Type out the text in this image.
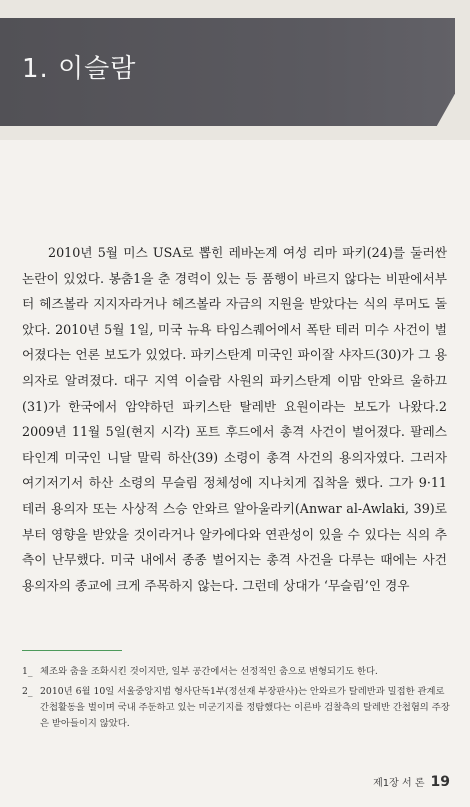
1. 이슬람

2010년 5월 미스 USA로 뽑힌 레바논계 여성 리마 파키(24)를 둘러싼 논란이 있었다. 봉춤1을 춘 경력이 있는 등 품행이 바르지 않다는 비판에서부터 헤즈볼라 지지자라거나 헤즈볼라 자금의 지원을 받았다는 식의 루머도 돌았다. 2010년 5월 1일, 미국 뉴욕 타임스퀘어에서 폭탄 테러 미수 사건이 벌어졌다는 언론 보도가 있었다. 파키스탄계 미국인 파이잘 샤자드(30)가 그 용의자로 알려졌다. 대구 지역 이슬람 사원의 파키스탄계 이맘 안와르 울하끄(31)가 한국에서 암약하던 파키스탄 탈레반 요원이라는 보도가 나왔다.2 2009년 11월 5일(현지 시각) 포트 후드에서 총격 사건이 벌어졌다. 팔레스타인계 미국인 니달 말릭 하산(39) 소령이 총격 사건의 용의자였다. 그러자 여기저기서 하산 소령의 무슬림 정체성에 지나치게 집착을 했다. 그가 9·11 테러 용의자 또는 사상적 스승 안와르 알아울라키(Anwar al-Awlaki, 39)로부터 영향을 받았을 것이라거나 알카에다와 연관성이 있을 수 있다는 식의 추측이 난무했다. 미국 내에서 종종 벌어지는 총격 사건을 다루는 때에는 사건 용의자의 종교에 크게 주목하지 않는다. 그런데 상대가 ‘무슬림’인 경우

1_ 체조와 춤을 조화시킨 것이지만, 일부 공간에서는 선정적인 춤으로 변형되기도 한다.
2_ 2010년 6월 10일 서울중앙지법 형사단독1부(정선재 부장판사)는 안와르가 탈레반과 밀접한 관계로 간첩활동을 벌이며 국내 주둔하고 있는 미군기지를 정탐했다는 이른바 검찰측의 탈레반 간첩혐의 주장은 받아들이지 않았다.
제1장 서 론 19
